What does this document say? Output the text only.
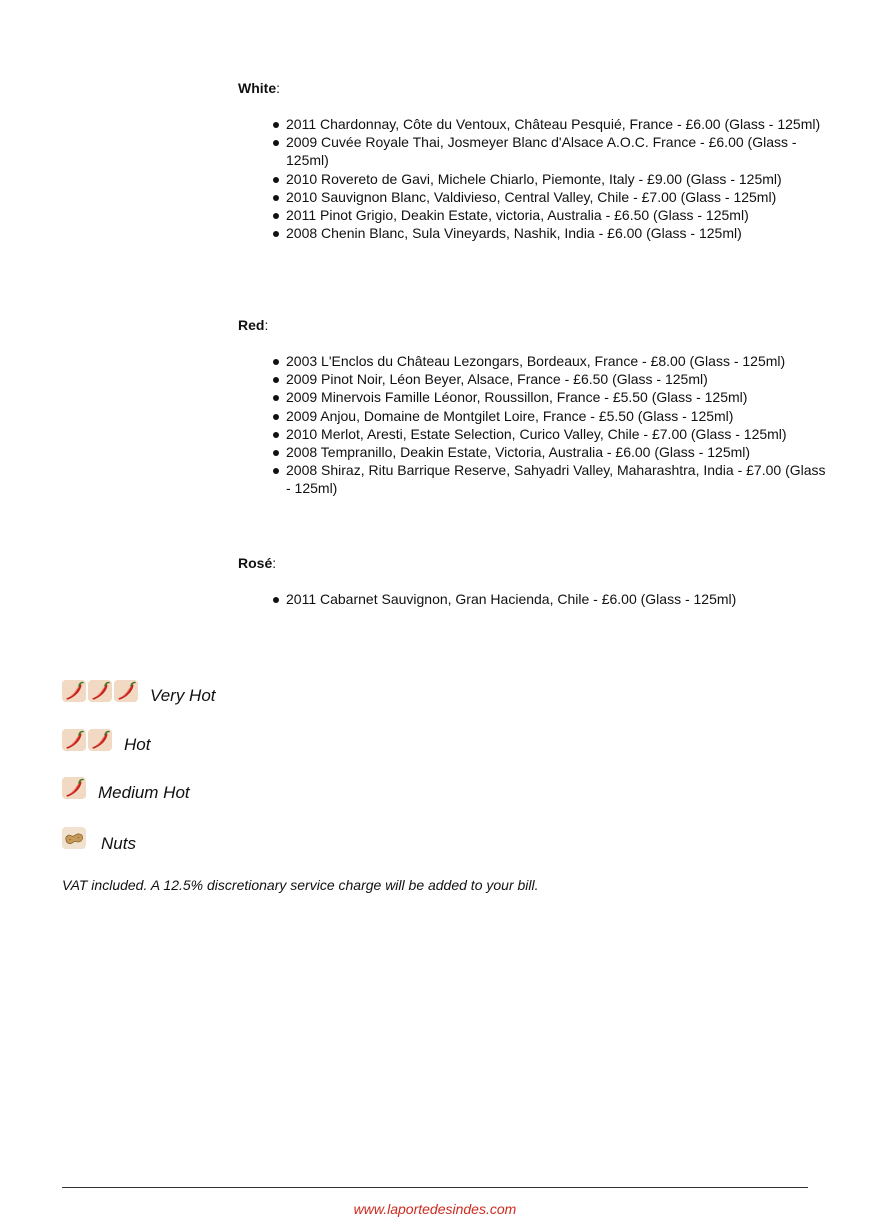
White:

2011 Chardonnay, Côte du Ventoux, Château Pesquié, France - £6.00 (Glass - 125ml)
2009 Cuvée Royale Thai, Josmeyer Blanc d'Alsace A.O.C. France - £6.00 (Glass - 125ml)
2010 Rovereto de Gavi, Michele Chiarlo, Piemonte, Italy - £9.00 (Glass - 125ml)
2010 Sauvignon Blanc, Valdivieso, Central Valley, Chile - £7.00 (Glass - 125ml)
2011 Pinot Grigio, Deakin Estate, victoria, Australia - £6.50 (Glass - 125ml)
2008 Chenin Blanc, Sula Vineyards, Nashik, India - £6.00 (Glass - 125ml)

Red:

2003 L'Enclos du Château Lezongars, Bordeaux, France - £8.00 (Glass - 125ml)
2009 Pinot Noir, Léon Beyer, Alsace, France - £6.50 (Glass - 125ml)
2009 Minervois Famille Léonor, Roussillon, France - £5.50 (Glass - 125ml)
2009 Anjou, Domaine de Montgilet Loire, France - £5.50 (Glass - 125ml)
2010 Merlot, Aresti, Estate Selection, Curico Valley, Chile - £7.00 (Glass - 125ml)
2008 Tempranillo, Deakin Estate, Victoria, Australia - £6.00 (Glass - 125ml)
2008 Shiraz, Ritu Barrique Reserve, Sahyadri Valley, Maharashtra, India - £7.00 (Glass - 125ml)

Rosé:

2011 Cabarnet Sauvignon, Gran Hacienda, Chile - £6.00 (Glass - 125ml)
Very Hot
Hot
Medium Hot
Nuts
VAT included. A 12.5% discretionary service charge will be added to your bill.
www.laportedesindes.com
